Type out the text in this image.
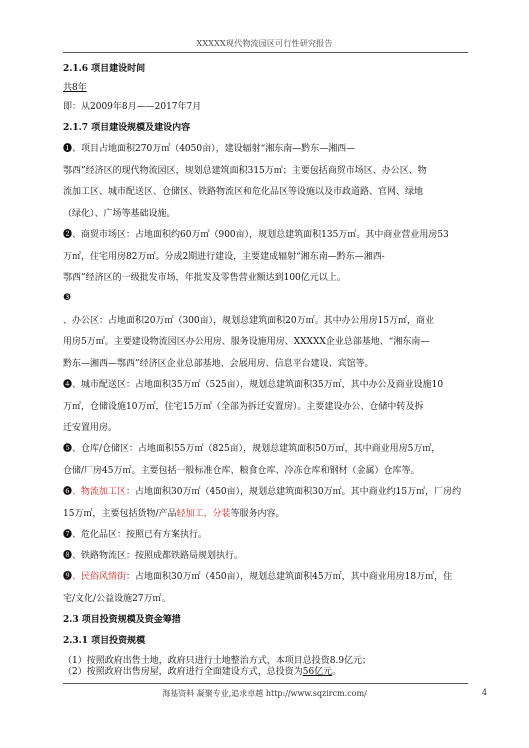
XXXXX现代物流园区可行性研究报告
2.1.6 项目建设时间
共8年
即：从2009年8月——2017年7月
2.1.7 项目建设规模及建设内容
❶、项目占地面积270万㎡（4050亩），建设辐射“湘东南—黔东—湘西—
鄂西”经济区的现代物流园区，规划总建筑面积315万㎡；主要包括商贸市场区、办公区、物
流加工区、城市配送区、仓储区、铁路物流区和危化品区等设施以及市政道路、官网、绿地
（绿化）、广场等基础设施。
❷、商贸市场区：占地面积约60万㎡（900亩），规划总建筑面积135万㎡。其中商业营业用房53
万㎡，住宅用房82万㎡。分成2期进行建设，主要建成辐射“湘东南—黔东—湘西-
鄂西”经济区的一级批发市场，年批发及零售营业额达到100亿元以上。
❸
、办公区：占地面积20万㎡（300亩），规划总建筑面积20万㎡。其中办公用房15万㎡，商业
用房5万㎡。主要建设物流园区办公用房、服务设施用房、XXXXX企业总部基地、“湘东南—
黔东—湘西—鄂西”经济区企业总部基地、会展用房、信息平台建设、宾馆等。
❹、城市配送区：占地面积35万㎡（525亩），规划总建筑面积35万㎡，其中办公及商业设施10
万㎡，仓储设施10万㎡，住宅15万㎡（全部为拆迁安置房）。主要建设办公、仓储中转及拆
迁安置用房。
❺、仓库/仓储区：占地面积55万㎡（825亩），规划总建筑面积50万㎡，其中商业用房5万㎡，
仓储/厂房45万㎡。主要包括一般标准仓库、粮食仓库、冷冻仓库和钢材（金属）仓库等。
❻、物流加工区：占地面积30万㎡（450亩），规划总建筑面积30万㎡。其中商业约15万㎡，厂房约
15万㎡，主要包括货物/产品轻加工、分装等服务内容。
❼、危化品区：按照已有方案执行。
❽、铁路物流区：按照成都铁路局规划执行。
❾、民俗风情街：占地面积30万㎡（450亩），规划总建筑面积45万㎡，其中商业用房18万㎡，住
宅/文化/公益设施27万㎡。
2.3 项目投资规模及资金筹措
2.3.1 项目投资规模
（1）按照政府出售土地，政府只进行土地整治方式，本项目总投资8.9亿元；
（2）按照政府出售房屋，政府进行全面建设方式，总投资为56亿元。
海基资料 凝聚专业,追求卓越 http://www.sqzircm.com/	4
